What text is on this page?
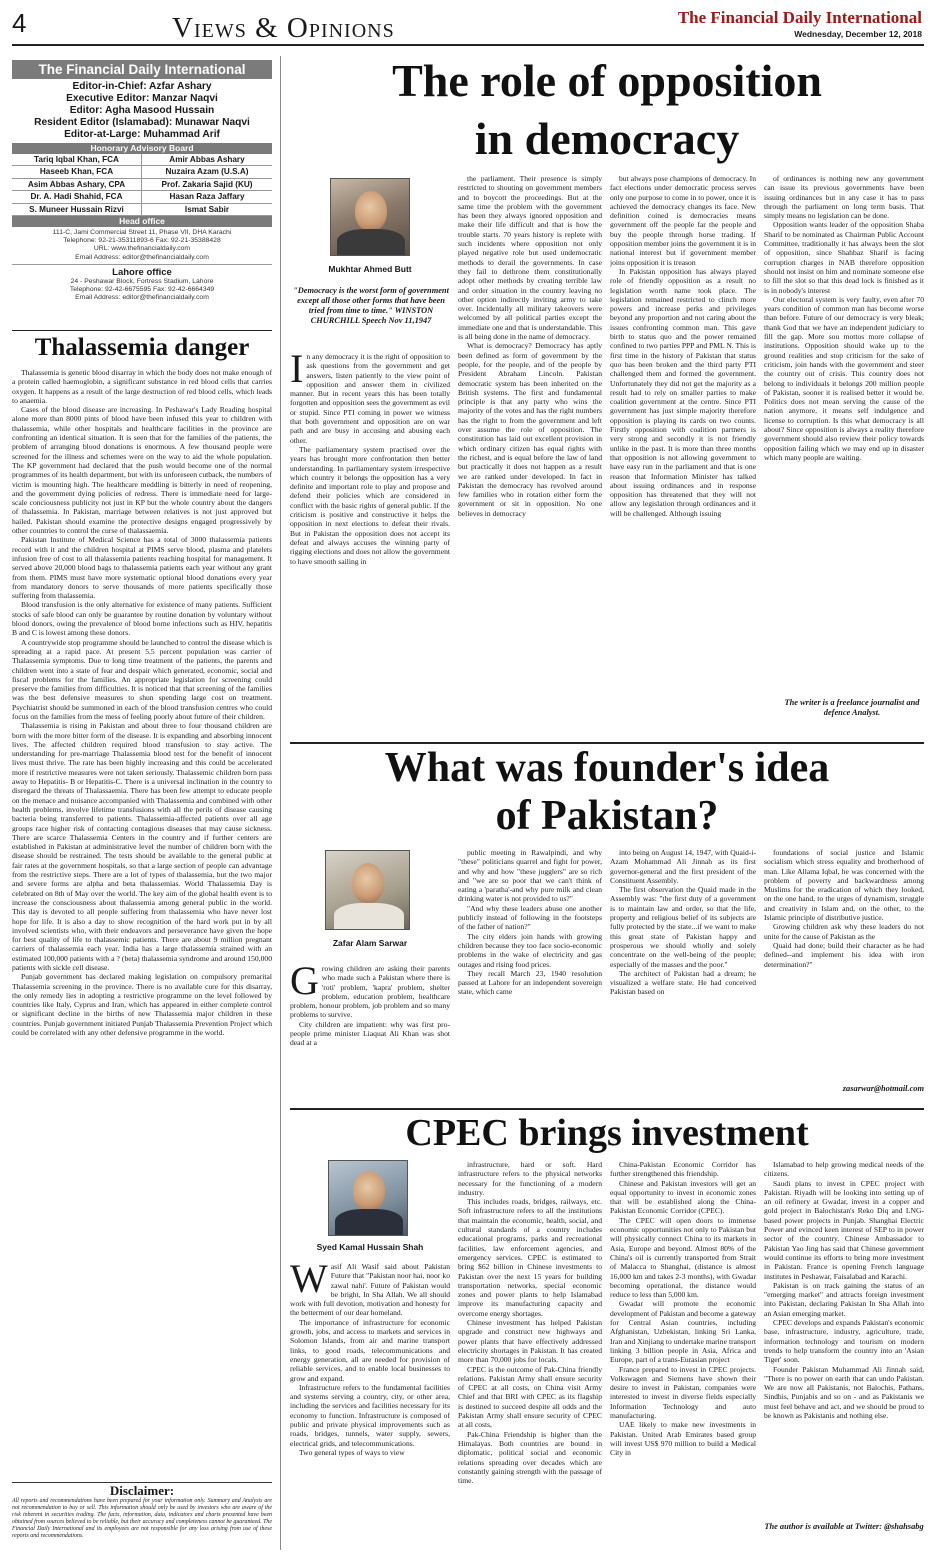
4	Views & Opinions	The Financial Daily International
Wednesday, December 12, 2018
The Financial Daily International
Editor-in-Chief: Azfar Ashary
Executive Editor: Manzar Naqvi
Editor: Agha Masood Hussain
Resident Editor (Islamabad): Munawar Naqvi
Editor-at-Large: Muhammad Arif
Honorary Advisory Board
Tariq Iqbal Khan, FCA	Amir Abbas Ashary
Haseeb Khan, FCA	Nuzaira Azam (U.S.A)
Asim Abbas Ashary, CPA	Prof. Zakaria Sajid (KU)
Dr. A. Hadi Shahid, FCA	Hasan Raza Jaffary
S. Muneer Hussain Rizvi	Ismat Sabir
Head office
111-C, Jami Commercial Street 11, Phase VII, DHA Karachi
Telephone: 92-21-35311893-6 Fax: 92-21-35388428
URL: www.thefinancialdaily.com
Email Address: editor@thefinancialdaily.com
Lahore office
24 - Peshawar Block, Fortress Stadium, Lahore
Telephone: 92-42-6675595 Fax: 92-42-6664349
Email Address: editor@thefinancialdaily.com
Thalassemia danger

Thalassemia is genetic blood disarray in which the body does not make enough of a protein called haemoglobin, a significant substance in red blood cells that carries oxygen. It happens as a result of the large destruction of red blood cells, which leads to anaemia.

Cases of the blood disease are increasing. In Peshawar's Lady Reading hospital alone more than 8000 pints of blood have been infused this year to children with thalassemia, while other hospitals and healthcare facilities in the province are confronting an identical situation. It is seen that for the families of the patients, the problem of arranging blood donations is enormous. A few thousand people were screened for the illness and schemes were on the way to aid the whole population. The KP government had declared that the push would become one of the normal programmes of its health department, but with its unforeseen cutback, the numbers of victim is mounting high. The healthcare meddling is bitterly in need of reopening, and the government dying policies of redress. There is immediate need for large-scale conciousness publicity not just in KP but the whole country about the dangers of thalassemia. In Pakistan, marriage between relatives is not just approved but hailed. Pakistan should examine the protective designs engaged progressively by other countries to control the curse of thalassaemia.

Pakistan Institute of Medical Science has a total of 3000 thalassemia patients record with it and the children hospital at PIMS serve blood, plasma and platelets infusion free of cost to all thalassemia patients reaching hospital for management. It served above 20,000 blood bags to thalassemia patients each year without any grant from them. PIMS must have more systematic optional blood donations every year from mandatory donors to serve thousands of more patients specifically those suffering from thalassemia.

Blood transfusion is the only alternative for existence of many patients. Sufficient stocks of safe blood can only be guarantee by routine donation by voluntary without blood donors, owing the prevalence of blood borne infections such as HIV, hepatitis B and C is lowest among these donors.

A countrywide stop programme should be launched to control the disease which is spreading at a rapid pace. At present 5.5 percent population was carrier of Thalassemia symptoms. Due to long time treatment of the patients, the parents and children went into a state of fear and despair which generated, economic, social and fiscal problems for the families. An appropriate legislation for screening could preserve the families from difficulties. It is noticed that that screening of the families was the best defensive measures to shun spending large cost on treatment. Psychiatrist should be summoned in each of the blood transfusion centres who could focus on the families from the mess of feeling poorly about future of their children.

Thalassemia is rising in Pakistan and about three to four thousand children are born with the more bitter form of the disease. It is expanding and absorbing innocent lives. The affected children required blood transfusion to stay active. The understanding for pre-marriage Thalassemia blood test for the benefit of innocent lives must thrive. The rate has been highly increasing and this could be accelerated more if restrictive measures were not taken seriously. Thalassemic children born pass away to Hepatitis- B or Hepatitis-C. There is a universal inclination in the country to disregard the threats of Thalassaemia. There has been few attempt to educate people on the menace and nuisance accompanied with Thalassemia and combined with other health problems, involve lifetime transfusions with all the perils of disease causing bacteria being transferred to patients. Thalassemia-affected patients over all age groups race higher risk of contacting contagious diseases that may cause sickness. There are scarce Thalassemia Centers in the country and if further centers are established in Pakistan at administrative level the number of children born with the disease should be restrained. The tests should be available to the general public at fair rates at the government hospitals, so that a large section of people can advantage from the restrictive steps. There are a lot of types of thalassemia, but the two major and severe forms are alpha and beta thalassemias. World Thalassemia Day is celebrated on 8th of May over the world. The key aim of the global health event is to increase the consciousness about thalassemia among general public in the world. This day is devoted to all people suffering from thalassemia who have never lost hope for life. It is also a day to show recognition of the hard work put in by all involved scientists who, with their endeavors and perseverance have given the hope for best quality of life to thalassemic patients. There are about 9 million pregnant carriers of thalassemia each year. India has a large thalassemia strained with an estimated 100,000 patients with a ? (beta) thalassemia syndrome and around 150,000 patients with sickle cell disease.

Punjab government has declared making legislation on compulsory premarital Thalassemia screening in the province. There is no available cure for this disarray, the only remedy lies in adopting a restrictive programme on the level followed by countries like Italy, Cyprus and Iran, which has appeared in either complete control or significant decline in the births of new Thalassemia major children in these countries. Punjab government initiated Punjab Thalassemia Prevention Project which could be correlated with any other defensive programme in the world.

Disclaimer:
All reports and recommendations have been prepared for your information only. Summary and Analysis are not recommendation to buy or sell. This information should only be used by investors who are aware of the risk inherent in securities trading. The facts, information, data, indicators and charts presented have been obtained from sources believed to be reliable, but their accuracy and completeness cannot be guaranteed. The Financial Daily International and its employees are not responsible for any loss arising from use of these reports and recommendations.
The role of opposition
in democracy
Mukhtar Ahmed Butt
"Democracy is the worst form of government except all those other forms that have been tried from time to time." WINSTON CHURCHILL Speech Nov 11,1947

In any democracy it is the right of opposition to ask questions from the government and get answers, listen patiently to the view point of opposition and answer them in civilized manner. But in recent years this has been totally forgotten and opposition sees the government as evil or stupid. Since PTI coming in power we witness that both government and opposition are on war path and are busy in accusing and abusing each other.

The parliamentary system practised over the years has brought more confrontation then better understanding. In parliamentary system irrespective which country it belongs the opposition has a very definite and important role to play and propose and defend their policies which are considered in conflict with the basic rights of general public. If the criticism is positive and constructive it helps the opposition in next elections to defeat their rivals. But in Pakistan the opposition does not accept its defeat and always accuses the winning party of rigging elections and does not allow the government to have smooth sailing in

the parliament. Their presence is simply restricted to shouting on government members and to boycott the proceedings. But at the same time the problem with the government has been they always ignored opposition and make their life difficult and that is how the trouble starts. 70 years history is replete with such incidents where opposition not only played negative role but used undemocratic methods to derail the governments. In case they fail to dethrone them constitutionally adopt other methods by creating terrible law and order situation in the country leaving no other option indirectly inviting army to take over. Incidentally all military takeovers were welcomed by all political parties except the immediate one and that is understandable. This is all being done in the name of democracy.

What is democracy? Democracy has aptly been defined as form of government by the people, for the people, and of the people by President Abraham Lincoln. Pakistan democratic system has been inherited on the British systems. The first and fundamental principle is that any party who wins the majority of the votes and has the right numbers has the right to from the government and left over assume the role of opposition. The constitution has laid out excellent provision in which ordinary citizen has equal rights with the richest, and is equal before the law of land but practically it does not happen as a result we are ranked under developed. In fact in Pakistan the democracy has revolved around few families who in rotation either form the government or sit in opposition. No one believes in democracy

but always pose champions of democracy. In fact elections under democratic process serves only one purpose to come in to power, once it is achieved the democracy changes its face. New definition coined is democracies means government off the people far the people and buy the people through horse trading. If opposition member joins the government it is in national interest but if government member joins opposition it is treason

In Pakistan opposition has always played role of friendly opposition as a result no legislation worth name took place. The legislation remained restricted to clinch more powers and increase perks and privileges beyond any proportion and not caring about the issues confronting common man. This gave birth to status quo and the power remained confined to two parties PPP and PML N. This is first time in the history of Pakistan that status quo has been broken and the third party PTI challenged them and formed the government. Unfortunately they did not get the majority as a result had to rely on smaller parties to make coalition government at the centre. Since PTI government has just simple majority therefore opposition is playing its cards on two counts. Firstly opposition with coalition partners is very strong and secondly it is not friendly unlike in the past. It is more than three months that opposition is not allowing government to have easy run in the parliament and that is one reason that Information Minister has talked about issuing ordinances and in response opposition has threatened that they will not allow any legislation through ordinances and it will be challenged. Although issuing

of ordinances is nothing new any government can issue its previous governments have been issuing ordinances but in any case it has to pass through the parliament on long term basis. That simply means no legislation can be done.

Opposition wants leader of the opposition Shaba Sharif to be nominated as Chairman Public Account Committee, traditionally it has always been the slot of opposition, since Shahbaz Sharif is facing corruption charges in NAB therefore opposition should not insist on him and nominate someone else to fill the slot so that this dead lock is finished as it is in nobody's interest

Our electoral system is very faulty, even after 70 years condition of common man has become worse than before. Future of our democracy is very bleak; thank God that we have an independent judiciary to fill the gap. More sou mottos more collapse of institutions. Opposition should wake up to the ground realities and stop criticism for the sake of criticism, join hands with the government and steer the country out of crisis. This country does not belong to individuals it belongs 200 million people of Pakistan, sooner it is realised better it would be. Politics does not mean serving the cause of the nation anymore, it means self indulgence and license to corruption. Is this what democracy is all about? Since opposition is always a reality therefore government should also review their policy towards opposition failing which we may end up in disaster which many people are waiting.

The writer is a freelance journalist and defence Analyst.
What was founder's idea
of Pakistan?
Zafar Alam Sarwar

Growing children are asking their parents who made such a Pakistan where there is 'roti' problem, 'kapra' problem, shelter problem, education problem, healthcare problem, honour problem, job problem and so many problems to survive.

City children are impatient: why was first pro-people prime minister Liaquat Ali Khan was shot dead at a

public meeting in Rawalpindi, and why "these" politicians quarrel and fight for power, and why and how "these jugglers" are so rich and "we are so poor that we can't think of eating a 'paratha'-and why pure milk and clean drinking water is not provided to us?"

"And why these leaders abuse one another publicly instead of following in the footsteps of the father of nation?"

The city elders join hands with growing children because they too face socio-economic problems in the wake of electricity and gas outages and rising food prices.

They recall March 23, 1940 resolution passed at Lahore for an independent sovereign state, which came

into being on August 14, 1947, with Quaid-i-Azam Mohammad Ali Jinnah as its first governor-general and the first president of the Constituent Assembly.

The first observation the Quaid made in the Assembly was: "the first duty of a government is to maintain law and order, so that the life, property and religious belief of its subjects are fully protected by the state...if we want to make this great state of Pakistan happy and prosperous we should wholly and solely concentrate on the well-being of the people; especially of the masses and the poor."

The architect of Pakistan had a dream; he visualized a welfare state. He had conceived Pakistan based on

foundations of social justice and Islamic socialism which stress equality and brotherhood of man. Like Allama Iqbal, he was concerned with the problem of poverty and backwardness among Muslims for the eradication of which they looked, on the one hand, to the urges of dynamism, struggle and creativity in Islam and, on the other, to the Islamic principle of distributive justice.

Growing children ask why these leaders do not unite for the cause of Pakistan as the

Quaid had done; build their character as he had defined--and implement his idea with iron determination?"

zasarwar@hotmail.com
CPEC brings investment
Syed Kamal Hussain Shah

Wasif Ali Wasif said about Pakistan Future that "Pakistan noor hai, noor ko zawal nahi'. Future of Pakistan would be bright, In Sha Allah. We all should work with full devotion, motivation and honesty for the betterment of our dear homeland.

The importance of infrastructure for economic growth, jobs, and access to markets and services in Solomon Islands, from air and marine transport links, to good roads, telecommunications and energy generation, all are needed for provision of reliable services, and to enable local businesses to grow and expand.

Infrastructure refers to the fundamental facilities and systems serving a country, city, or other area, including the services and facilities necessary for its economy to function. Infrastructure is composed of public and private physical improvements such as roads, bridges, tunnels, water supply, sewers, electrical grids, and telecommunications.

Two general types of ways to view

infrastructure, hard or soft. Hard infrastructure refers to the physical networks necessary for the functioning of a modern industry.

This includes roads, bridges, railways, etc. Soft infrastructure refers to all the institutions that maintain the economic, health, social, and cultural standards of a country includes educational programs, parks and recreational facilities, law enforcement agencies, and emergency services. CPEC is estimated to bring $62 billion in Chinese investments to Pakistan over the next 15 years for building transportation networks, special economic zones and power plants to help Islamabad improve its manufacturing capacity and overcome energy shortages.

Chinese investment has helped Pakistan upgrade and construct new highways and power plants that have effectively addressed electricity shortages in Pakistan. It has created more than 70,000 jobs for locals.

CPEC is the outcome of Pak-China friendly relations. Pakistan Army shall ensure security of CPEC at all costs, on China visit Army Chief and that BRI with CPEC as its flagship is destined to succeed despite all odds and the Pakistan Army shall ensure security of CPEC at all costs,

Pak-China Friendship is higher than the Himalayas. Both countries are bound in diplomatic, political social and economic relations spreading over decades which are constantly gaining strength with the passage of time.

China-Pakistan Economic Corridor has further strengthened this friendship.

Chinese and Pakistan investors will get an equal opportunity to invest in economic zones that will be established along the China-Pakistan Economic Corridor (CPEC).

The CPEC will open doors to immense economic opportunities not only to Pakistan but will physically connect China to its markets in Asia, Europe and beyond. Almost 80% of the China's oil is currently transported from Strait of Malacca to Shanghai, (distance is almost 16,000 km and takes 2-3 months), with Gwadar becoming operational, the distance would reduce to less than 5,000 km.

Gwadar will promote the economic development of Pakistan and become a gateway for Central Asian countries, including Afghanistan, Uzbekistan, linking Sri Lanka, Iran and Xinjiang to undertake marine transport linking 3 billion people in Asia, Africa and Europe, part of a trans-Eurasian project

France prepared to invest in CPEC projects. Volkswagen and Siemens have shown their desire to invest in Pakistan, companies were interested to invest in diverse fields especially Information Technology and auto manufacturing.

UAE likely to make new investments in Pakistan. United Arab Emirates based group will invest US$ 970 million to build a Medical City in

Islamabad to help growing medical needs of the citizens.

Saudi plans to invest in CPEC project with Pakistan. Riyadh will be looking into setting up of an oil refinery at Gwadar, invest in a copper and gold project in Balochistan's Reko Diq and LNG-based power projects in Punjab. Shanghai Electric Power and evinced keen interest of SEP to in power sector of the country. Chinese Ambassador to Pakistan Yao Jing has said that Chinese government would continue its efforts to bring more investment in Pakistan. France is opening French language institutes in Peshawar, Faisalabad and Karachi.

Pakistan is on track gaining the status of an "emerging market" and attracts foreign investment into Pakistan, declaring Pakistan In Sha Allah into an Asian emerging market.

CPEC develops and expands Pakistan's economic base, infrastructure, industry, agriculture, trade, information technology and tourism on modern trends to help transform the country into an 'Asian Tiger' soon.

Founder Pakistan Muhammad Ali Jinnah said, "There is no power on earth that can undo Pakistan. We are now all Pakistanis, not Balochis, Pathans, Sindhis, Punjabis and so on - and as Pakistanis we must feel behave and act, and we should be proud to be known as Pakistanis and nothing else.

The author is available at Twitter: @shahsabg
